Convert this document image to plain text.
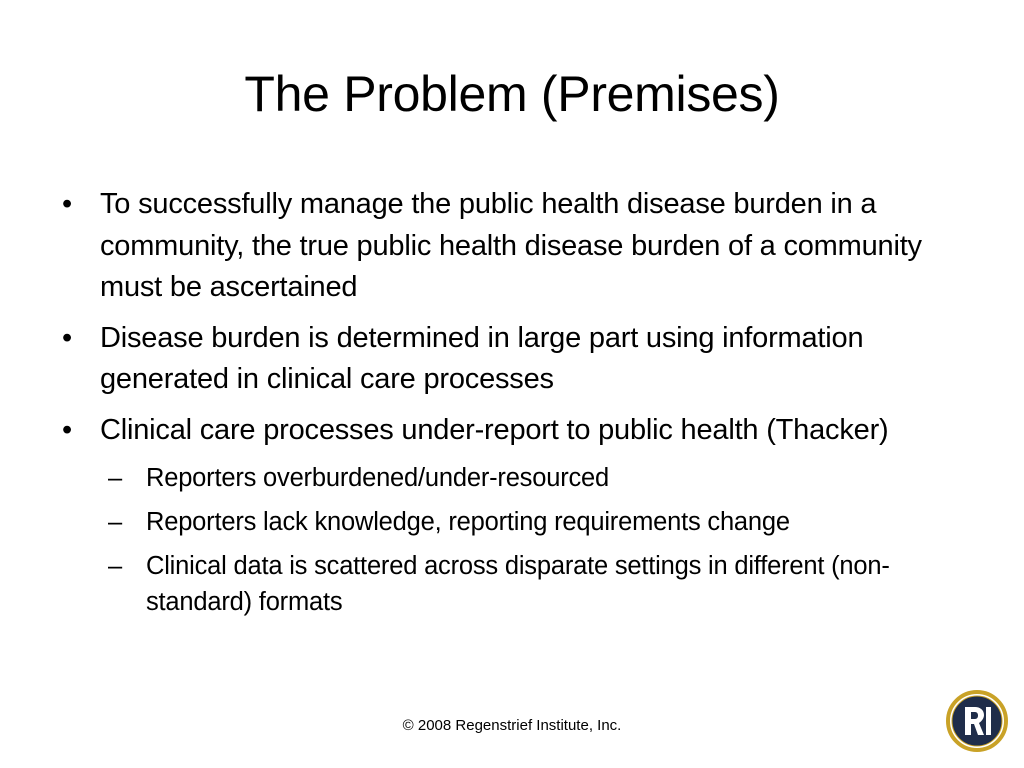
The Problem (Premises)
• To successfully manage the public health disease burden in a community, the true public health disease burden of a community must be ascertained
• Disease burden is determined in large part using information generated in clinical care processes
• Clinical care processes under-report to public health (Thacker)
– Reporters overburdened/under-resourced
– Reporters lack knowledge, reporting requirements change
– Clinical data is scattered across disparate settings in different (non-standard) formats
© 2008 Regenstrief Institute, Inc.
